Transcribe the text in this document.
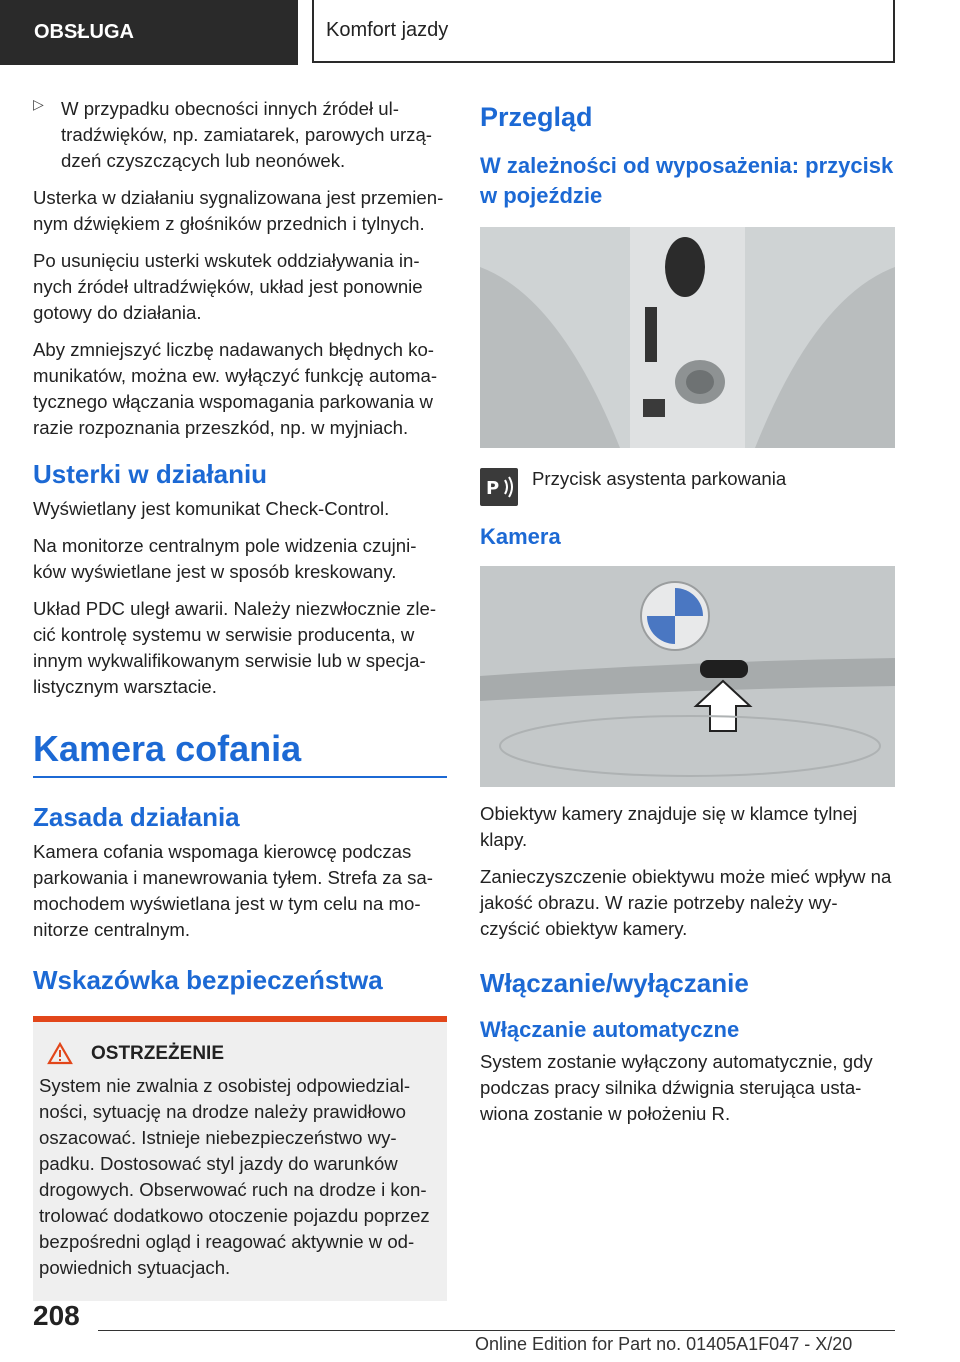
OBSŁUGA	Komfort jazdy
▷ W przypadku obecności innych źródeł ul-tradźwięków, np. zamiatarek, parowych urzą-dzeń czyszczących lub neonówek.

Usterka w działaniu sygnalizowana jest przemien-nym dźwiękiem z głośników przednich i tylnych.

Po usunięciu usterki wskutek oddziaływania in-nych źródeł ultradźwięków, układ jest ponownie gotowy do działania.

Aby zmniejszyć liczbę nadawanych błędnych ko-munikatów, można ew. wyłączyć funkcję automa-tycznego włączania wspomagania parkowania w razie rozpoznania przeszkód, np. w myjniach.

Usterki w działaniu

Wyświetlany jest komunikat Check-Control.

Na monitorze centralnym pole widzenia czujni-ków wyświetlane jest w sposób kreskowany.

Układ PDC uległ awarii. Należy niezwłocznie zle-cić kontrolę systemu w serwisie producenta, w innym wykwalifikowanym serwisie lub w specja-listycznym warsztacie.

Kamera cofania
Zasada działania

Kamera cofania wspomaga kierowcę podczas parkowania i manewrowania tyłem. Strefa za sa-mochodem wyświetlana jest w tym celu na mo-nitorze centralnym.

Wskazówka bezpieczeństwa
OSTRZEŻENIE

System nie zwalnia z osobistej odpowiedzial-ności, sytuację na drodze należy prawidłowo oszacować. Istnieje niebezpieczeństwo wy-padku. Dostosować styl jazdy do warunków drogowych. Obserwować ruch na drodze i kon-trolować dodatkowo otoczenie pojazdu poprzez bezpośredni ogląd i reagować aktywnie w od-powiednich sytuacjach.

Przegląd
W zależności od wyposażenia: przycisk w pojeździe
P Przycisk asystenta parkowania

Kamera

Obiektyw kamery znajduje się w klamce tylnej klapy.

Zanieczyszczenie obiektywu może mieć wpływ na jakość obrazu. W razie potrzeby należy wy-czyścić obiektyw kamery.

Włączanie/wyłączanie
Włączanie automatyczne

System zostanie wyłączony automatycznie, gdy podczas pracy silnika dźwignia sterująca usta-wiona zostanie w położeniu R.

208
Online Edition for Part no. 01405A1F047 - X/20
